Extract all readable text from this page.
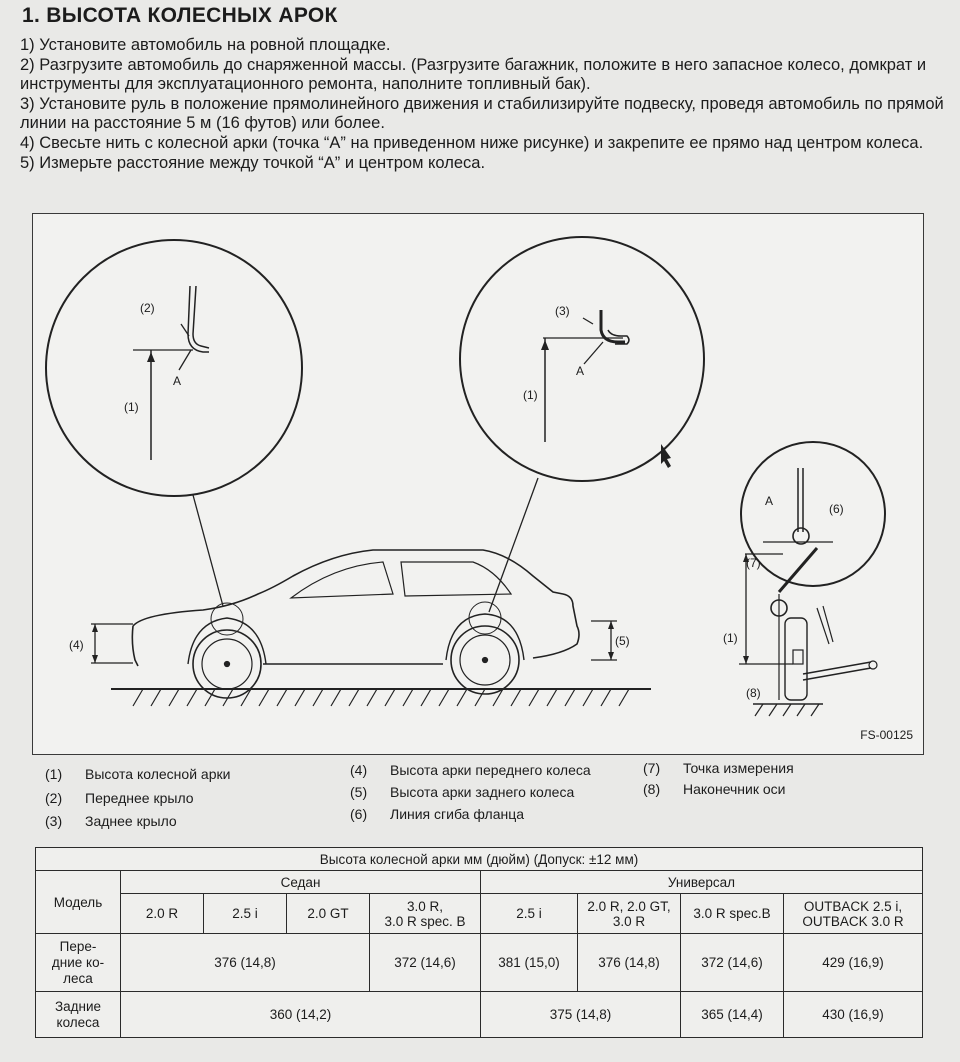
1. ВЫСОТА КОЛЕСНЫХ АРОК

1) Установите автомобиль на ровной площадке.

2) Разгрузите автомобиль до снаряженной массы. (Разгрузите багажник, положите в него запасное колесо, домкрат и инструменты для эксплуатационного ремонта, наполните топливный бак).

3) Установите руль в положение прямолинейного движения и стабилизируйте подвеску, проведя автомобиль по прямой линии на расстояние 5 м (16 футов) или более.

4) Свесьте нить с колесной арки (точка “A” на приведенном ниже рисунке) и закрепите ее прямо над центром колеса.

5) Измерьте расстояние между точкой “A” и центром колеса.

(2)
A
(1)
(3)
A
(1)
(4)	(5)
A
(6)
(7)
(1)
(8)
FS-00125
(1) Высота колесной арки
(2) Переднее крыло
(3) Заднее крыло
(4) Высота арки переднего колеса
(5) Высота арки заднего колеса
(6) Линия сгиба фланца
(7) Точка измерения
(8) Наконечник оси
Высота колесной арки мм (дюйм) (Допуск: ±12 мм)								
Модель	Седан				Универсал			
	2.0 R	2.5 i	2.0 GT	3.0 R,
3.0 R spec. B	2.5 i	2.0 R, 2.0 GT,
3.0 R	3.0 R spec.B	OUTBACK 2.5 i,
OUTBACK 3.0 R
Пере-
дние ко-
леса	376 (14,8)			372 (14,6)	381 (15,0)	376 (14,8)	372 (14,6)	429 (16,9)
Задние
колеса	360 (14,2)				375 (14,8)		365 (14,4)	430 (16,9)
